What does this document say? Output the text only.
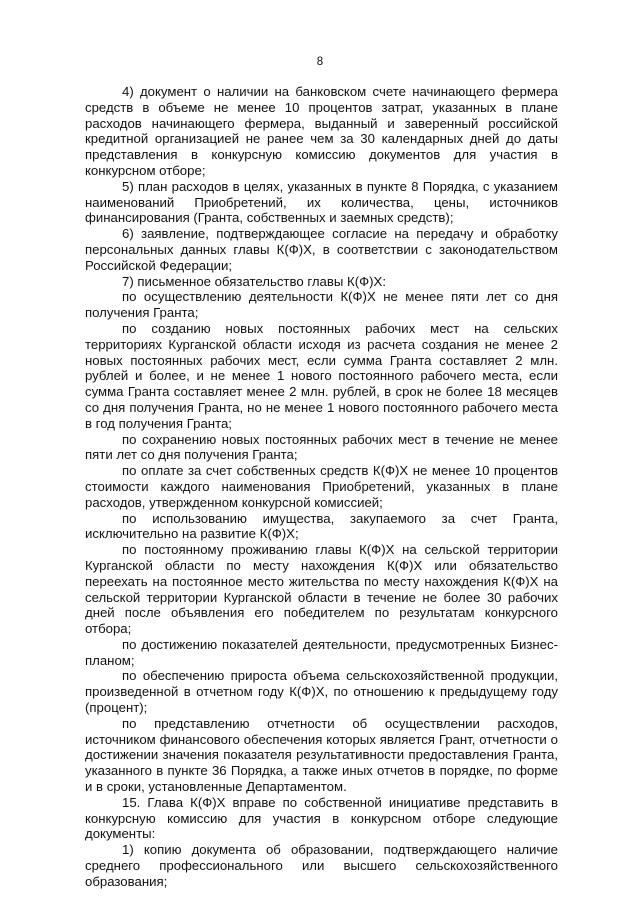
8

4) документ о наличии на банковском счете начинающего фермера средств в объеме не менее 10 процентов затрат, указанных в плане расходов начинающего фермера, выданный и заверенный российской кредитной организацией не ранее чем за 30 календарных дней до даты представления в конкурсную комиссию документов для участия в конкурсном отборе;

5) план расходов в целях, указанных в пункте 8 Порядка, с указанием наименований Приобретений, их количества, цены, источников финансирования (Гранта, собственных и заемных средств);

6) заявление, подтверждающее согласие на передачу и обработку персональных данных главы К(Ф)Х, в соответствии с законодательством Российской Федерации;

7) письменное обязательство главы К(Ф)Х:

по осуществлению деятельности К(Ф)Х не менее пяти лет со дня получения Гранта;

по созданию новых постоянных рабочих мест на сельских территориях Курганской области исходя из расчета создания не менее 2 новых постоянных рабочих мест, если сумма Гранта составляет 2 млн. рублей и более, и не менее 1 нового постоянного рабочего места, если сумма Гранта составляет менее 2 млн. рублей, в срок не более 18 месяцев со дня получения Гранта, но не менее 1 нового постоянного рабочего места в год получения Гранта;

по сохранению новых постоянных рабочих мест в течение не менее пяти лет со дня получения Гранта;

по оплате за счет собственных средств К(Ф)Х не менее 10 процентов стоимости каждого наименования Приобретений, указанных в плане расходов, утвержденном конкурсной комиссией;

по использованию имущества, закупаемого за счет Гранта, исключительно на развитие К(Ф)Х;

по постоянному проживанию главы К(Ф)Х на сельской территории Курганской области по месту нахождения К(Ф)Х или обязательство переехать на постоянное место жительства по месту нахождения К(Ф)Х на сельской территории Курганской области в течение не более 30 рабочих дней после объявления его победителем по результатам конкурсного отбора;

по достижению показателей деятельности, предусмотренных Бизнес-планом;

по обеспечению прироста объема сельскохозяйственной продукции, произведенной в отчетном году К(Ф)Х, по отношению к предыдущему году (процент);

по представлению отчетности об осуществлении расходов, источником финансового обеспечения которых является Грант, отчетности о достижении значения показателя результативности предоставления Гранта, указанного в пункте 36 Порядка, а также иных отчетов в порядке, по форме и в сроки, установленные Департаментом.

15. Глава К(Ф)Х вправе по собственной инициативе представить в конкурсную комиссию для участия в конкурсном отборе следующие документы:

1) копию документа об образовании, подтверждающего наличие среднего профессионального или высшего сельскохозяйственного образования;
